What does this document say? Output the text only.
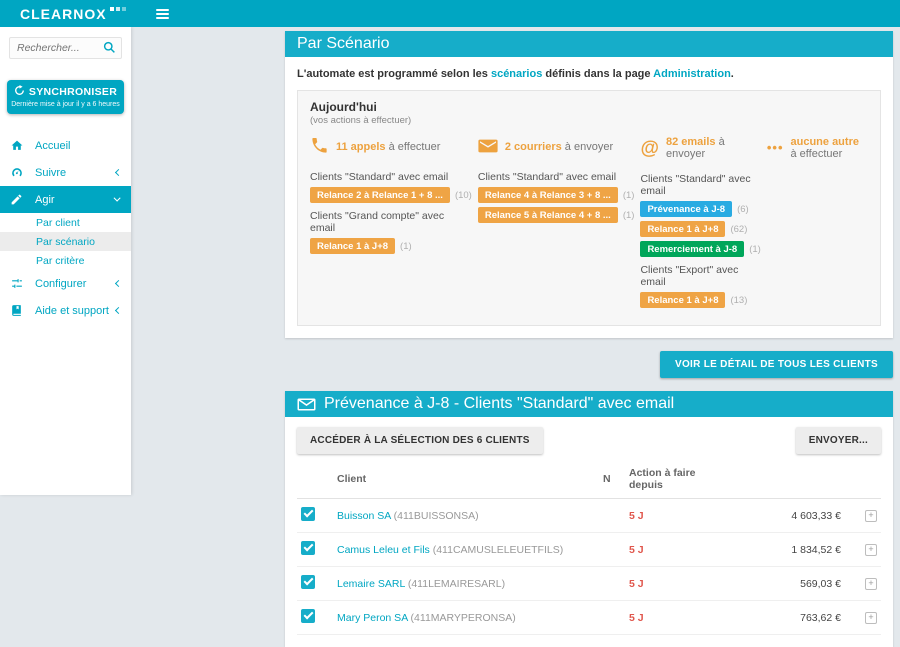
CLEARNOX
Rechercher...
SYNCHRONISER
Dernière mise à jour il y a 6 heures
Accueil
Suivre
Agir
Par client
Par scénario
Par critère
Configurer
Aide et support
Par Scénario

L'automate est programmé selon les scénarios définis dans la page Administration.

Aujourd'hui
(vos actions à effectuer)
11 appels à effectuer
Clients "Standard" avec email
Relance 2 à Relance 1 + 8 ...	(10)
Clients "Grand compte" avec email
Relance 1 à J+8	(1)
2 courriers à envoyer
Clients "Standard" avec email
Relance 4 à Relance 3 + 8 ...	(1)
Relance 5 à Relance 4 + 8 ...	(1)
@ 82 emails à envoyer
Clients "Standard" avec email
Prévenance à J-8	(6)
Relance 1 à J+8	(62)
Remerciement à J-8	(1)
Clients "Export" avec email
Relance 1 à J+8	(13)
••• aucune autre à effectuer
VOIR LE DÉTAIL DE TOUS LES CLIENTS
Prévenance à J-8 - Clients "Standard" avec email
ACCÉDER À LA SÉLECTION DES 6 CLIENTS	ENVOYER...
	Client	N	Action à faire depuis		
	Buisson SA (411BUISSONSA)		5 J	4 603,33 €	+
	Camus Leleu et Fils (411CAMUSLELEUETFILS)		5 J	1 834,52 €	+
	Lemaire SARL (411LEMAIRESARL)		5 J	569,03 €	+
	Mary Peron SA (411MARYPERONSA)		5 J	763,62 €	+
